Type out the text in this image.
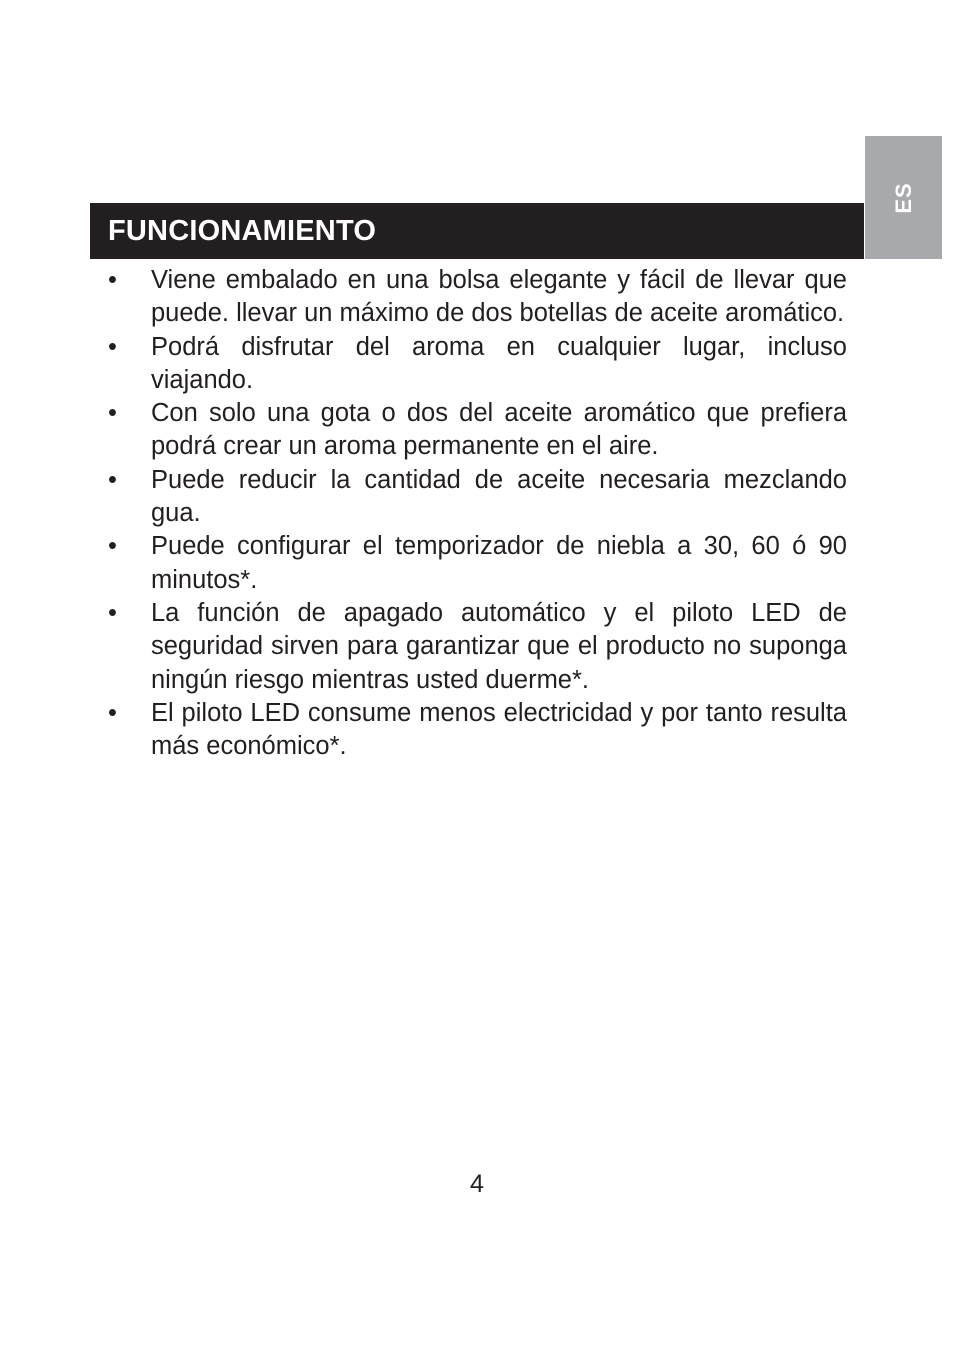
ES
FUNCIONAMIENTO
• Viene embalado en una bolsa elegante y fácil de llevar que puede. llevar un máximo de dos botellas de aceite aromático.
• Podrá disfrutar del aroma en cualquier lugar, incluso viajando.
• Con solo una gota o dos del aceite aromático que prefiera podrá crear un aroma permanente en el aire.
• Puede reducir la cantidad de aceite necesaria mezclando gua.
• Puede configurar el temporizador de niebla a 30, 60 ó 90 minutos*.
• La función de apagado automático y el piloto LED de seguridad sirven para garantizar que el producto no suponga ningún riesgo mientras usted duerme*.
• El piloto LED consume menos electricidad y por tanto resulta más económico*.
4
